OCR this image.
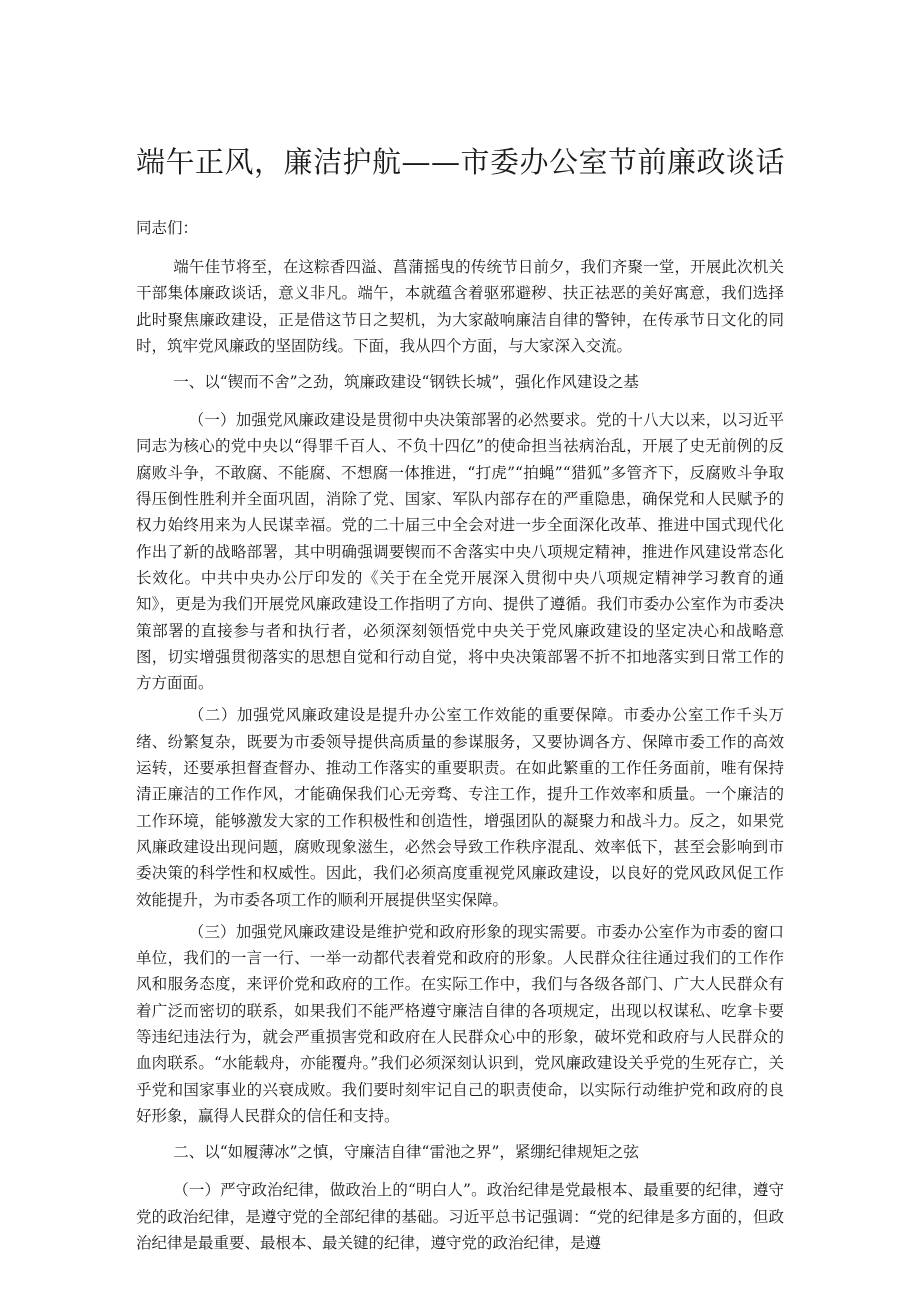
端午正风，廉洁护航——市委办公室节前廉政谈话

同志们：

端午佳节将至，在这粽香四溢、菖蒲摇曳的传统节日前夕，我们齐聚一堂，开展此次机关干部集体廉政谈话，意义非凡。端午，本就蕴含着驱邪避秽、扶正祛恶的美好寓意，我们选择此时聚焦廉政建设，正是借这节日之契机，为大家敲响廉洁自律的警钟，在传承节日文化的同时，筑牢党风廉政的坚固防线。下面，我从四个方面，与大家深入交流。

一、以“锲而不舍”之劲，筑廉政建设“钢铁长城”，强化作风建设之基

（一）加强党风廉政建设是贯彻中央决策部署的必然要求。党的十八大以来，以习近平同志为核心的党中央以“得罪千百人、不负十四亿”的使命担当祛病治乱，开展了史无前例的反腐败斗争，不敢腐、不能腐、不想腐一体推进，“打虎”“拍蝇”“猎狐”多管齐下，反腐败斗争取得压倒性胜利并全面巩固，消除了党、国家、军队内部存在的严重隐患，确保党和人民赋予的权力始终用来为人民谋幸福。党的二十届三中全会对进一步全面深化改革、推进中国式现代化作出了新的战略部署，其中明确强调要锲而不舍落实中央八项规定精神，推进作风建设常态化长效化。中共中央办公厅印发的《关于在全党开展深入贯彻中央八项规定精神学习教育的通知》，更是为我们开展党风廉政建设工作指明了方向、提供了遵循。我们市委办公室作为市委决策部署的直接参与者和执行者，必须深刻领悟党中央关于党风廉政建设的坚定决心和战略意图，切实增强贯彻落实的思想自觉和行动自觉，将中央决策部署不折不扣地落实到日常工作的方方面面。

（二）加强党风廉政建设是提升办公室工作效能的重要保障。市委办公室工作千头万绪、纷繁复杂，既要为市委领导提供高质量的参谋服务，又要协调各方、保障市委工作的高效运转，还要承担督查督办、推动工作落实的重要职责。在如此繁重的工作任务面前，唯有保持清正廉洁的工作作风，才能确保我们心无旁骛、专注工作，提升工作效率和质量。一个廉洁的工作环境，能够激发大家的工作积极性和创造性，增强团队的凝聚力和战斗力。反之，如果党风廉政建设出现问题，腐败现象滋生，必然会导致工作秩序混乱、效率低下，甚至会影响到市委决策的科学性和权威性。因此，我们必须高度重视党风廉政建设，以良好的党风政风促工作效能提升，为市委各项工作的顺利开展提供坚实保障。

（三）加强党风廉政建设是维护党和政府形象的现实需要。市委办公室作为市委的窗口单位，我们的一言一行、一举一动都代表着党和政府的形象。人民群众往往通过我们的工作作风和服务态度，来评价党和政府的工作。在实际工作中，我们与各级各部门、广大人民群众有着广泛而密切的联系，如果我们不能严格遵守廉洁自律的各项规定，出现以权谋私、吃拿卡要等违纪违法行为，就会严重损害党和政府在人民群众心中的形象，破坏党和政府与人民群众的血肉联系。“水能载舟，亦能覆舟。”我们必须深刻认识到，党风廉政建设关乎党的生死存亡，关乎党和国家事业的兴衰成败。我们要时刻牢记自己的职责使命，以实际行动维护党和政府的良好形象，赢得人民群众的信任和支持。

二、以“如履薄冰”之慎，守廉洁自律“雷池之界”，紧绷纪律规矩之弦

（一）严守政治纪律，做政治上的“明白人”。政治纪律是党最根本、最重要的纪律，遵守党的政治纪律，是遵守党的全部纪律的基础。习近平总书记强调：“党的纪律是多方面的，但政治纪律是最重要、最根本、最关键的纪律，遵守党的政治纪律，是遵
